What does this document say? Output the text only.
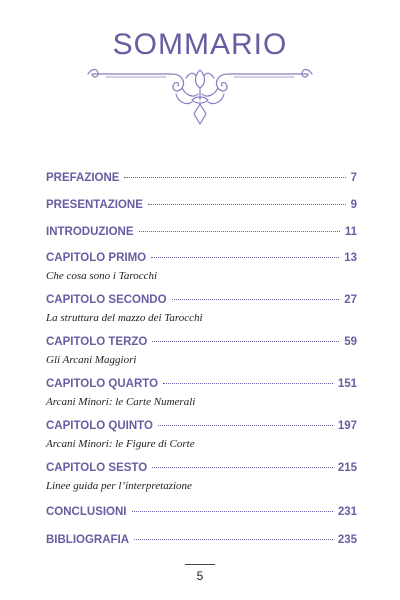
SOMMARIO
PREFAZIONE	7
PRESENTAZIONE	9
INTRODUZIONE	11
CAPITOLO PRIMO	13
Che cosa sono i Tarocchi
CAPITOLO SECONDO	27
La struttura del mazzo dei Tarocchi
CAPITOLO TERZO	59
Gli Arcani Maggiori
CAPITOLO QUARTO	151
Arcani Minori: le Carte Numerali
CAPITOLO QUINTO	197
Arcani Minori: le Figure di Corte
CAPITOLO SESTO	215
Linee guida per l’interpretazione
CONCLUSIONI	231
BIBLIOGRAFIA	235
5
